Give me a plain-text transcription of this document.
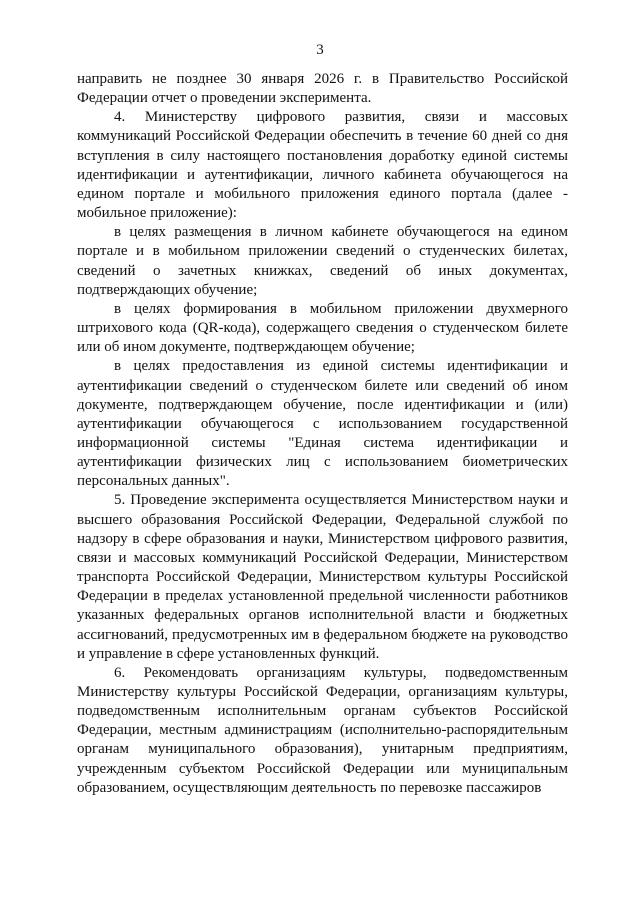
3

направить не позднее 30 января 2026 г. в Правительство Российской Федерации отчет о проведении эксперимента.

4. Министерству цифрового развития, связи и массовых коммуникаций Российской Федерации обеспечить в течение 60 дней со дня вступления в силу настоящего постановления доработку единой системы идентификации и аутентификации, личного кабинета обучающегося на едином портале и мобильного приложения единого портала (далее - мобильное приложение):

в целях размещения в личном кабинете обучающегося на едином портале и в мобильном приложении сведений о студенческих билетах, сведений о зачетных книжках, сведений об иных документах, подтверждающих обучение;

в целях формирования в мобильном приложении двухмерного штрихового кода (QR-кода), содержащего сведения о студенческом билете или об ином документе, подтверждающем обучение;

в целях предоставления из единой системы идентификации и аутентификации сведений о студенческом билете или сведений об ином документе, подтверждающем обучение, после идентификации и (или) аутентификации обучающегося с использованием государственной информационной системы "Единая система идентификации и аутентификации физических лиц с использованием биометрических персональных данных".

5. Проведение эксперимента осуществляется Министерством науки и высшего образования Российской Федерации, Федеральной службой по надзору в сфере образования и науки, Министерством цифрового развития, связи и массовых коммуникаций Российской Федерации, Министерством транспорта Российской Федерации, Министерством культуры Российской Федерации в пределах установленной предельной численности работников указанных федеральных органов исполнительной власти и бюджетных ассигнований, предусмотренных им в федеральном бюджете на руководство и управление в сфере установленных функций.

6. Рекомендовать организациям культуры, подведомственным Министерству культуры Российской Федерации, организациям культуры, подведомственным исполнительным органам субъектов Российской Федерации, местным администрациям (исполнительно-распорядительным органам муниципального образования), унитарным предприятиям, учрежденным субъектом Российской Федерации или муниципальным образованием, осуществляющим деятельность по перевозке пассажиров
